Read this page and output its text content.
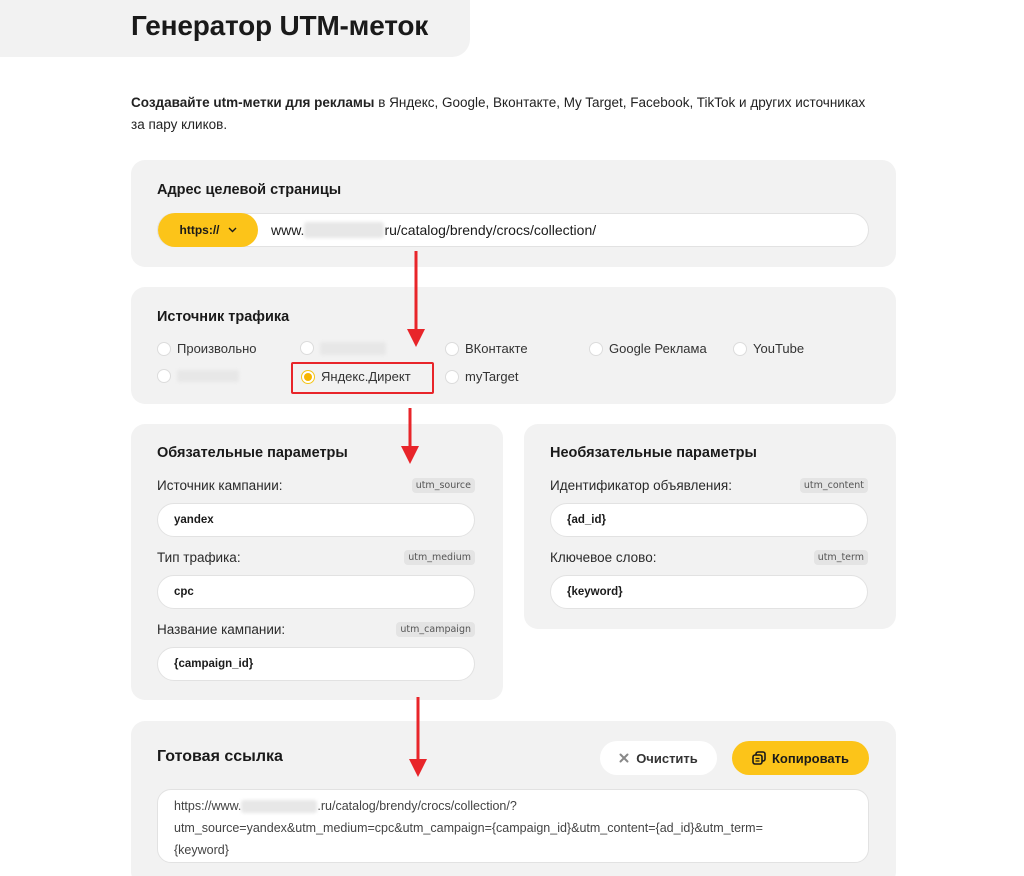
Генератор UTM-меток
Создавайте utm-метки для рекламы в Яндекс, Google, Вконтакте, My Target, Facebook, TikTok и других источниках за пару кликов.
Адрес целевой страницы
https://	www.	ru/catalog/brendy/crocs/collection/
Источник трафика
Произвольно	ВКонтакте	Google Реклама	YouTube
Яндекс.Директ	myTarget
Обязательные параметры
Источник кампании:	utm_source
yandex
Тип трафика:	utm_medium
cpc
Название кампании:	utm_campaign
{campaign_id}
Необязательные параметры
Идентификатор объявления:	utm_content
{ad_id}
Ключевое слово:	utm_term
{keyword}
Готовая ссылка	Очистить	Копировать
https://www.	.ru/catalog/brendy/crocs/collection/?
utm_source=yandex&utm_medium=cpc&utm_campaign={campaign_id}&utm_content={ad_id}&utm_term=
{keyword}
